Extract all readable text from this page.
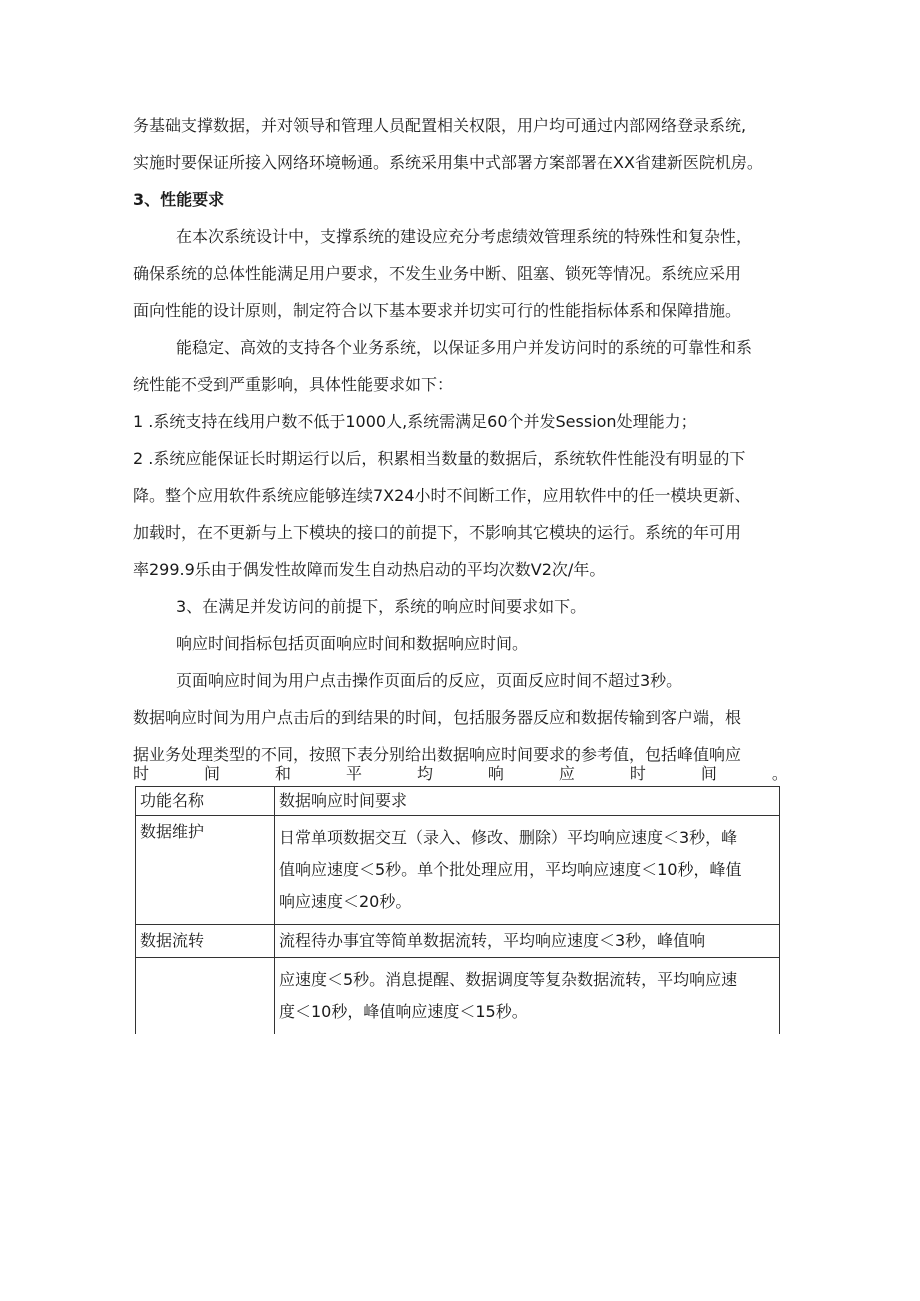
务基础支撑数据，并对领导和管理人员配置相关权限，用户均可通过内部网络登录系统,
实施时要保证所接入网络环境畅通。系统采用集中式部署方案部署在XX省建新医院机房。
3、性能要求
在本次系统设计中，支撑系统的建设应充分考虑绩效管理系统的特殊性和复杂性，
确保系统的总体性能满足用户要求，不发生业务中断、阻塞、锁死等情况。系统应采用
面向性能的设计原则，制定符合以下基本要求并切实可行的性能指标体系和保障措施。
能稳定、高效的支持各个业务系统，以保证多用户并发访问时的系统的可靠性和系
统性能不受到严重影响，具体性能要求如下：
1 .系统支持在线用户数不低于1000人,系统需满足60个并发Session处理能力；
2 .系统应能保证长时期运行以后，积累相当数量的数据后，系统软件性能没有明显的下
降。整个应用软件系统应能够连续7X24小时不间断工作，应用软件中的任一模块更新、
加载时，在不更新与上下模块的接口的前提下，不影响其它模块的运行。系统的年可用
率299.9乐由于偶发性故障而发生自动热启动的平均次数V2次/年。
3、在满足并发访问的前提下，系统的响应时间要求如下。
响应时间指标包括页面响应时间和数据响应时间。
页面响应时间为用户点击操作页面后的反应，页面反应时间不超过3秒。
数据响应时间为用户点击后的到结果的时间，包括服务器反应和数据传输到客户端，根
据业务处理类型的不同，按照下表分别给出数据响应时间要求的参考值，包括峰值响应
时	间	和	平	均	响	应	时	间	。
功能名称	数据响应时间要求

数据维护	日常单项数据交互（录入、修改、删除）平均响应速度＜3秒，峰
值响应速度＜5秒。单个批处理应用，平均响应速度＜10秒，峰值
响应速度＜20秒。

数据流转	流程待办事宜等简单数据流转，平均响应速度＜3秒，峰值响

	应速度＜5秒。消息提醒、数据调度等复杂数据流转，平均响应速
度＜10秒，峰值响应速度＜15秒。
